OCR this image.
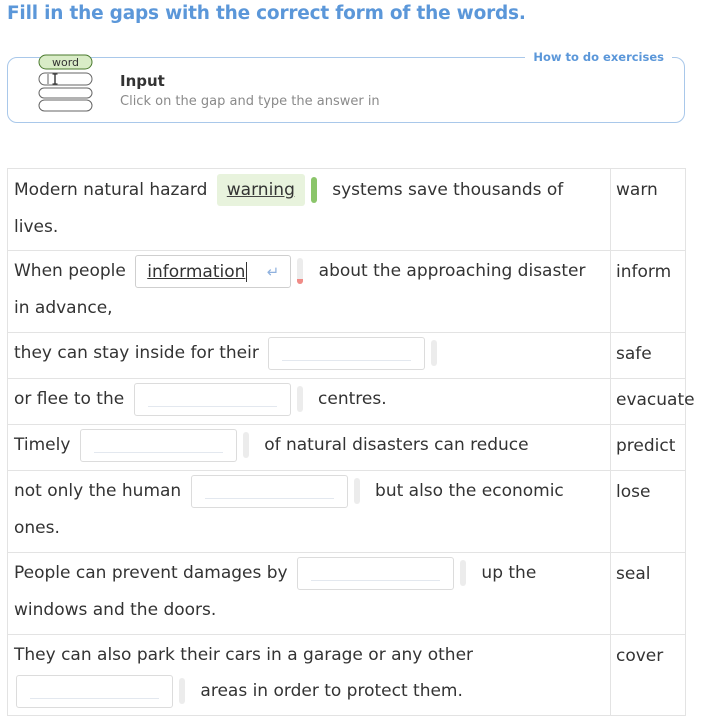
Fill in the gaps with the correct form of the words.
How to do exercises
word
Input
Click on the gap and type the answer in
Modern natural hazard warning systems save thousands of lives.	warn
When people information ↵ about the approaching disaster in advance,	inform
they can stay inside for their	safe
or flee to the centres.	evacuate
Timely of natural disasters can reduce	predict
not only the human but also the economic ones.	lose
People can prevent damages by up the windows and the doors.	seal
They can also park their cars in a garage or any other
areas in order to protect them.	cover
